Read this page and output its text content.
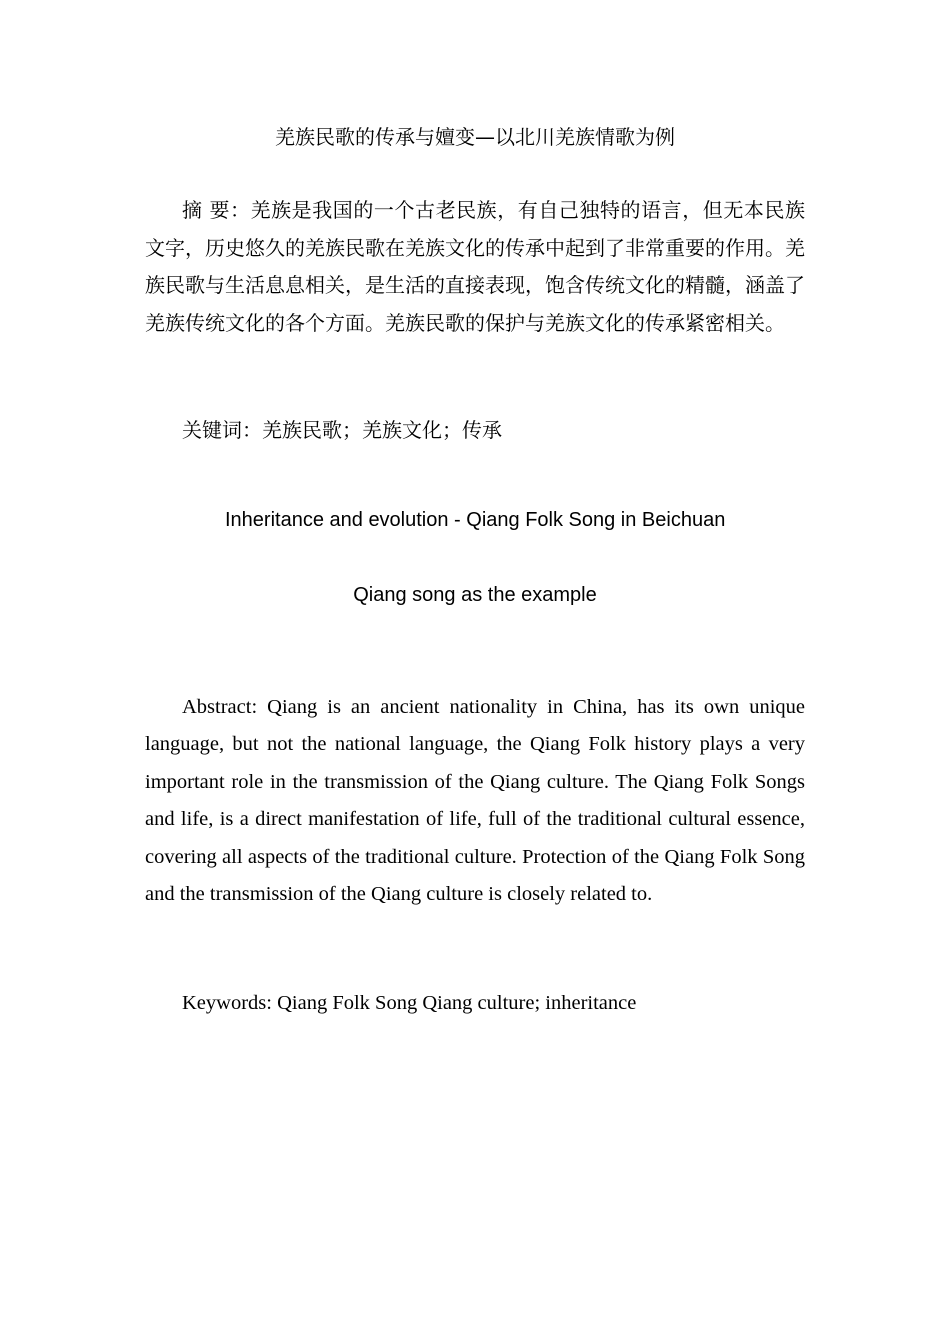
羌族民歌的传承与嬗变—以北川羌族情歌为例

摘 要：羌族是我国的一个古老民族，有自己独特的语言，但无本民族文字，历史悠久的羌族民歌在羌族文化的传承中起到了非常重要的作用。羌族民歌与生活息息相关，是生活的直接表现，饱含传统文化的精髓，涵盖了羌族传统文化的各个方面。羌族民歌的保护与羌族文化的传承紧密相关。

关键词：羌族民歌；羌族文化；传承

Inheritance and evolution - Qiang Folk Song in Beichuan
Qiang song as the example

Abstract: Qiang is an ancient nationality in China, has its own unique language, but not the national language, the Qiang Folk history plays a very important role in the transmission of the Qiang culture. The Qiang Folk Songs and life, is a direct manifestation of life, full of the traditional cultural essence, covering all aspects of the traditional culture. Protection of the Qiang Folk Song and the transmission of the Qiang culture is closely related to.

Keywords: Qiang Folk Song Qiang culture; inheritance
